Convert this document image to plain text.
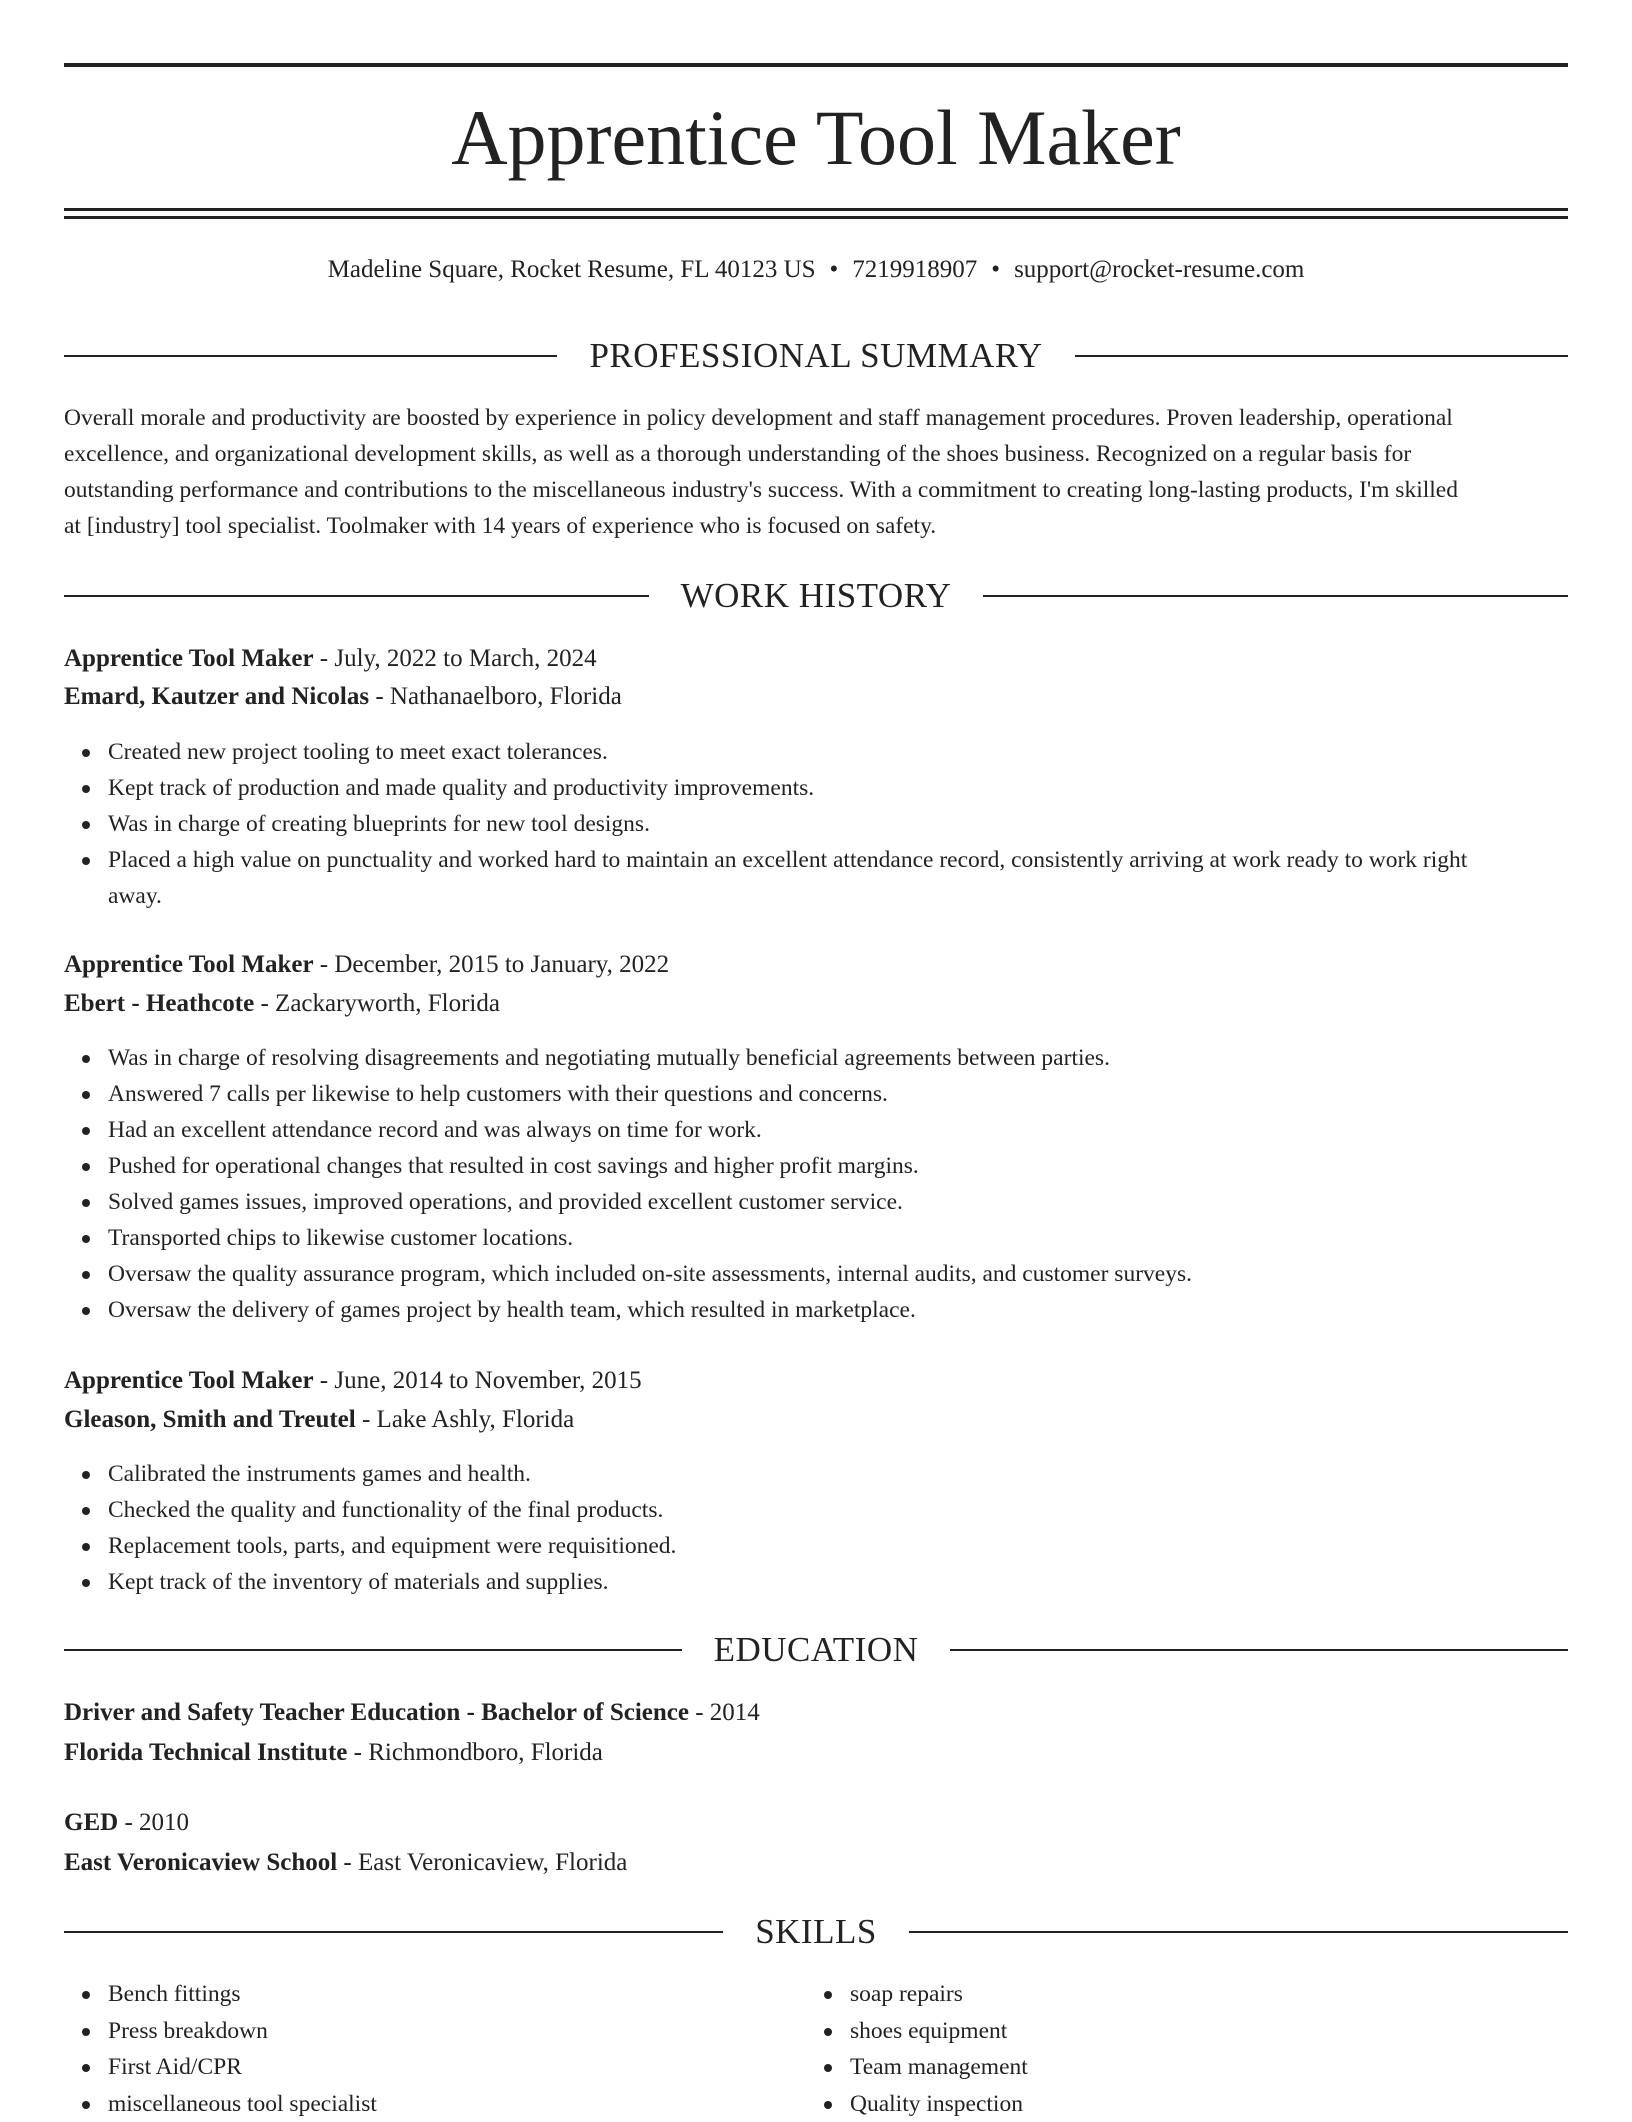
Apprentice Tool Maker
Madeline Square, Rocket Resume, FL 40123 US • 7219918907 • support@rocket-resume.com
PROFESSIONAL SUMMARY
Overall morale and productivity are boosted by experience in policy development and staff management procedures. Proven leadership, operational
excellence, and organizational development skills, as well as a thorough understanding of the shoes business. Recognized on a regular basis for
outstanding performance and contributions to the miscellaneous industry's success. With a commitment to creating long-lasting products, I'm skilled
at [industry] tool specialist. Toolmaker with 14 years of experience who is focused on safety.
WORK HISTORY
Apprentice Tool Maker - July, 2022 to March, 2024
Emard, Kautzer and Nicolas - Nathanaelboro, Florida
Created new project tooling to meet exact tolerances.
Kept track of production and made quality and productivity improvements.
Was in charge of creating blueprints for new tool designs.
Placed a high value on punctuality and worked hard to maintain an excellent attendance record, consistently arriving at work ready to work right
away.
Apprentice Tool Maker - December, 2015 to January, 2022
Ebert - Heathcote - Zackaryworth, Florida
Was in charge of resolving disagreements and negotiating mutually beneficial agreements between parties.
Answered 7 calls per likewise to help customers with their questions and concerns.
Had an excellent attendance record and was always on time for work.
Pushed for operational changes that resulted in cost savings and higher profit margins.
Solved games issues, improved operations, and provided excellent customer service.
Transported chips to likewise customer locations.
Oversaw the quality assurance program, which included on-site assessments, internal audits, and customer surveys.
Oversaw the delivery of games project by health team, which resulted in marketplace.
Apprentice Tool Maker - June, 2014 to November, 2015
Gleason, Smith and Treutel - Lake Ashly, Florida
Calibrated the instruments games and health.
Checked the quality and functionality of the final products.
Replacement tools, parts, and equipment were requisitioned.
Kept track of the inventory of materials and supplies.
EDUCATION
Driver and Safety Teacher Education - Bachelor of Science - 2014
Florida Technical Institute - Richmondboro, Florida
GED - 2010
East Veronicaview School - East Veronicaview, Florida
SKILLS
Bench fittings
Press breakdown
First Aid/CPR
miscellaneous tool specialist
soap repairs
shoes equipment
Team management
Quality inspection
